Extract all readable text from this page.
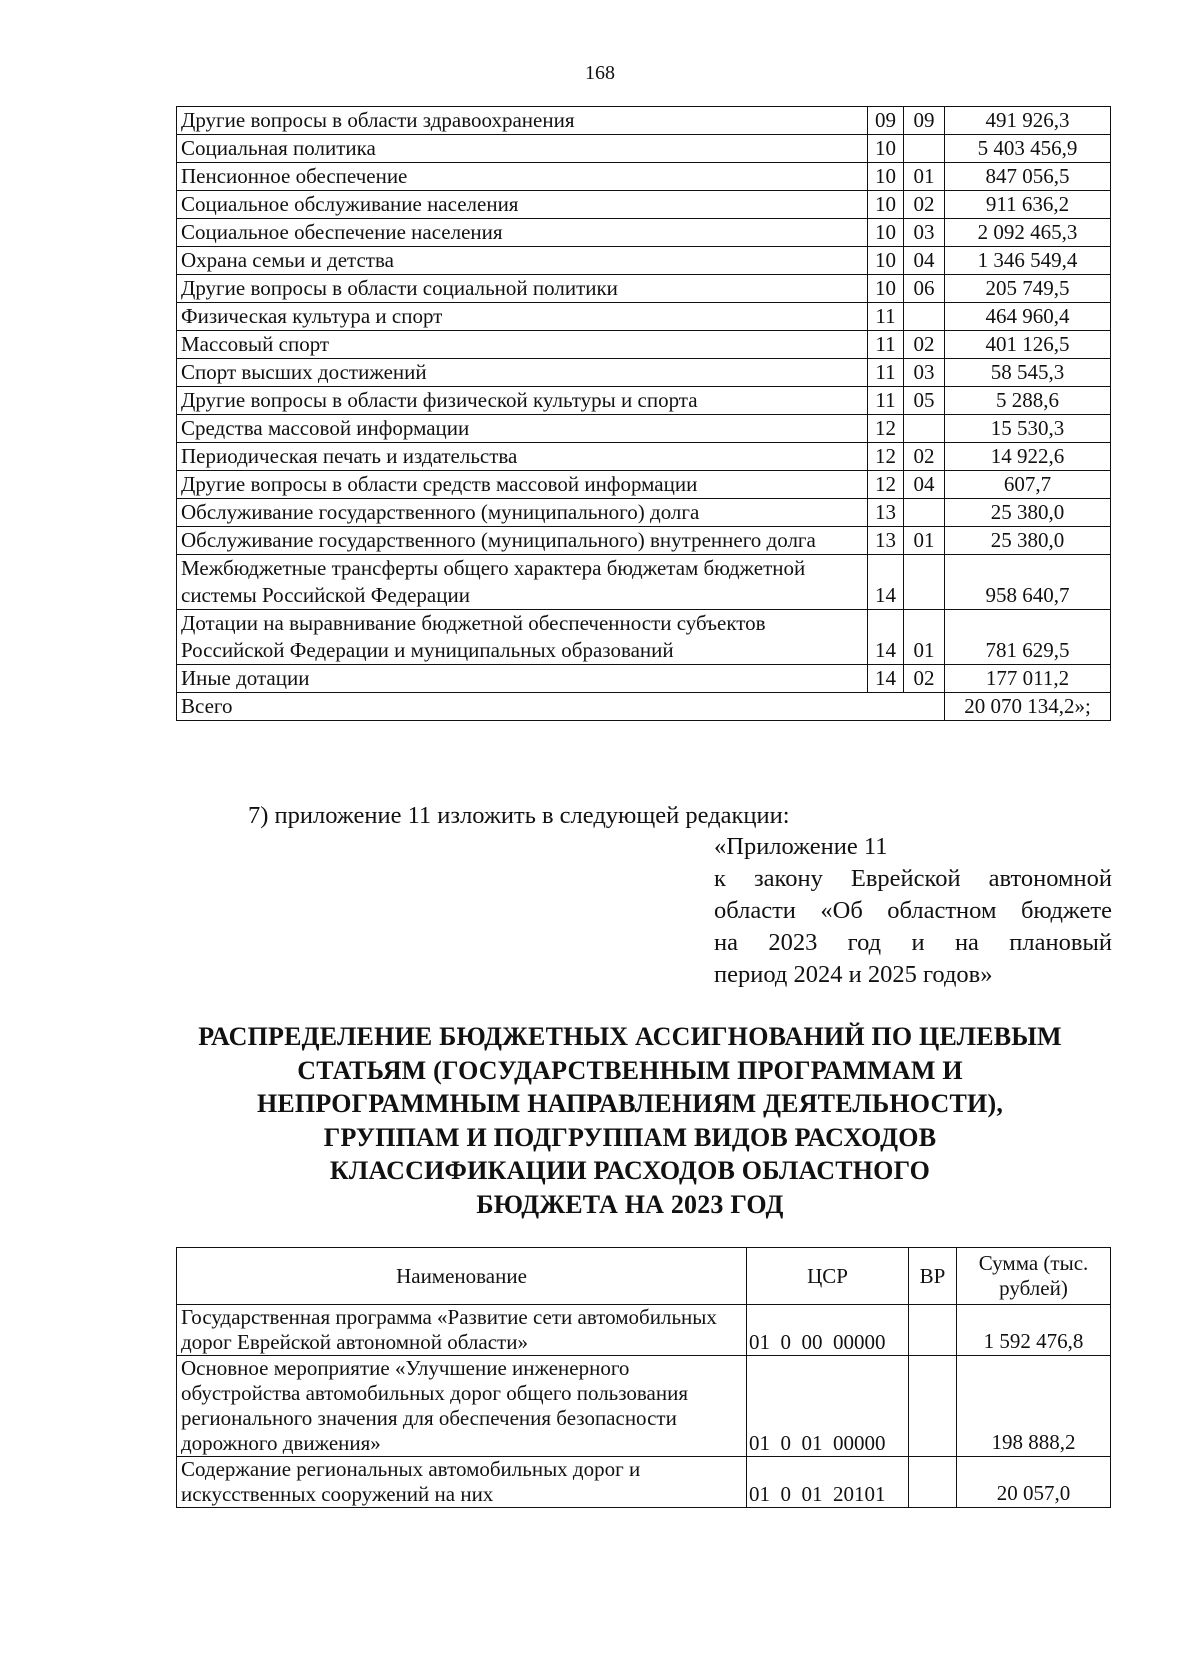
168
Другие вопросы в области здравоохранения	09	09	491 926,3
Социальная политика	10		5 403 456,9
Пенсионное обеспечение	10	01	847 056,5
Социальное обслуживание населения	10	02	911 636,2
Социальное обеспечение населения	10	03	2 092 465,3
Охрана семьи и детства	10	04	1 346 549,4
Другие вопросы в области социальной политики	10	06	205 749,5
Физическая культура и спорт	11		464 960,4
Массовый спорт	11	02	401 126,5
Спорт высших достижений	11	03	58 545,3
Другие вопросы в области физической культуры и спорта	11	05	5 288,6
Средства массовой информации	12		15 530,3
Периодическая печать и издательства	12	02	14 922,6
Другие вопросы в области средств массовой информации	12	04	607,7
Обслуживание государственного (муниципального) долга	13		25 380,0
Обслуживание государственного (муниципального) внутреннего долга	13	01	25 380,0
Межбюджетные трансферты общего характера бюджетам бюджетной системы Российской Федерации	14		958 640,7
Дотации на выравнивание бюджетной обеспеченности субъектов Российской Федерации и муниципальных образований	14	01	781 629,5
Иные дотации	14	02	177 011,2
Всего			20 070 134,2»;
7) приложение 11 изложить в следующей редакции:
«Приложение 11
к закону Еврейской автономной
области «Об областном бюджете
на 2023 год и на плановый
период 2024 и 2025 годов»
РАСПРЕДЕЛЕНИЕ БЮДЖЕТНЫХ АССИГНОВАНИЙ ПО ЦЕЛЕВЫМ
СТАТЬЯМ (ГОСУДАРСТВЕННЫМ ПРОГРАММАМ И
НЕПРОГРАММНЫМ НАПРАВЛЕНИЯМ ДЕЯТЕЛЬНОСТИ),
ГРУППАМ И ПОДГРУППАМ ВИДОВ РАСХОДОВ
КЛАССИФИКАЦИИ РАСХОДОВ ОБЛАСТНОГО
БЮДЖЕТА НА 2023 ГОД
Наименование	ЦСР	ВР	Сумма (тыс. рублей)
Государственная программа «Развитие сети автомобильных дорог Еврейской автономной области»	01  0  00  00000		1 592 476,8
Основное мероприятие «Улучшение инженерного обустройства автомобильных дорог общего пользования регионального значения для обеспечения безопасности дорожного движения»	01  0  01  00000		198 888,2
Содержание региональных автомобильных дорог и искусственных сооружений на них	01  0  01  20101		20 057,0
